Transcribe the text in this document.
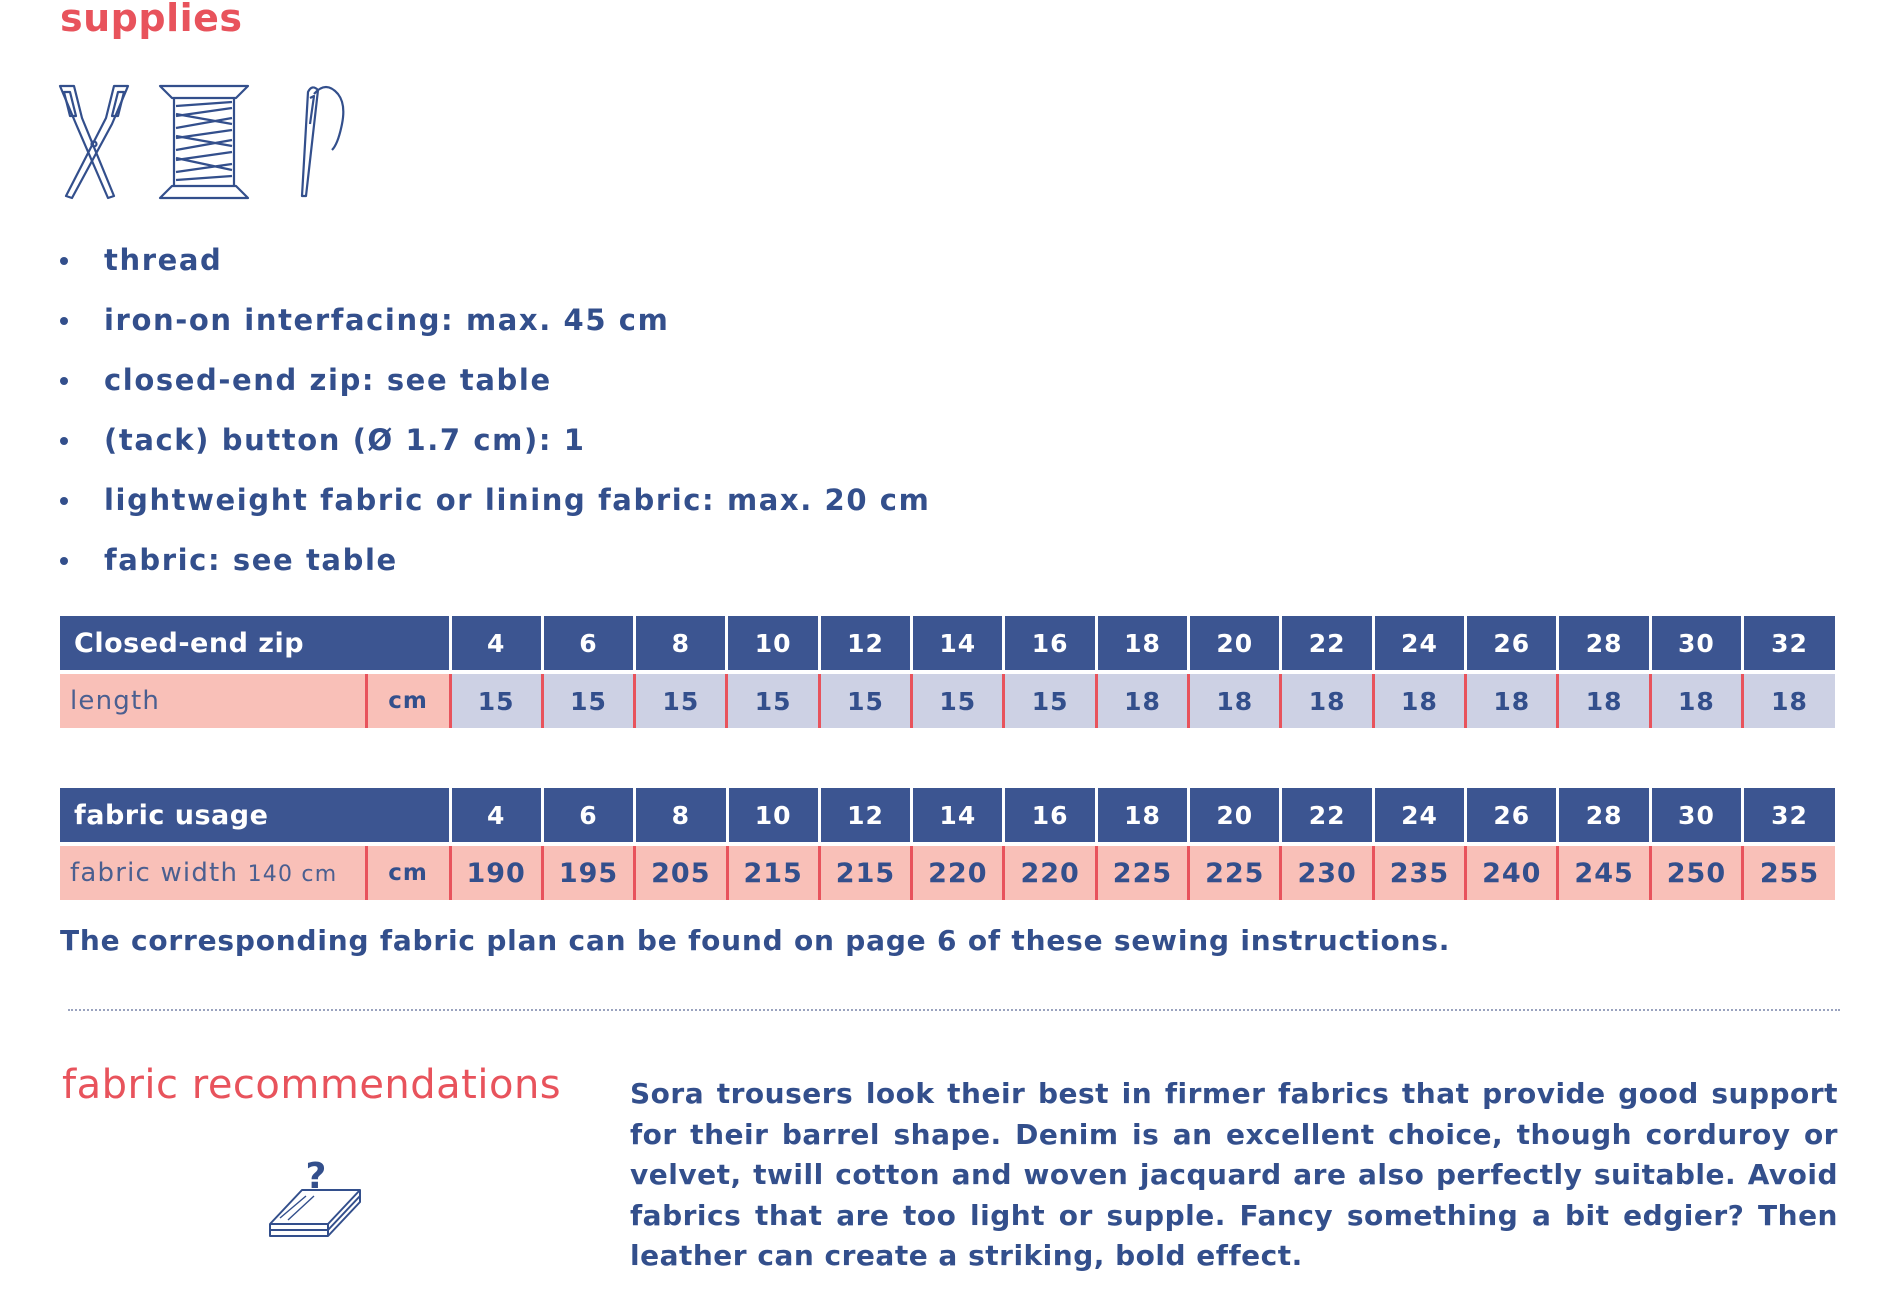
supplies
thread
iron-on interfacing: max. 45 cm
closed-end zip: see table
(tack) button (Ø 1.7 cm): 1
lightweight fabric or lining fabric: max. 20 cm
fabric: see table
Closed-end zip		4	6	8	10	12	14	16	18	20	22	24	26	28	30	32
length	cm	15	15	15	15	15	15	15	18	18	18	18	18	18	18	18
fabric usage		4	6	8	10	12	14	16	18	20	22	24	26	28	30	32
fabric width 140 cm	cm	190	195	205	215	215	220	220	225	225	230	235	240	245	250	255
The corresponding fabric plan can be found on page 6 of these sewing instructions.
fabric recommendations
?
Sora trousers look their best in firmer fabrics that provide good support for their barrel shape. Denim is an excellent choice, though corduroy or velvet, twill cotton and woven jacquard are also perfectly suitable. Avoid fabrics that are too light or supple. Fancy something a bit edgier? Then leather can create a striking, bold effect.
